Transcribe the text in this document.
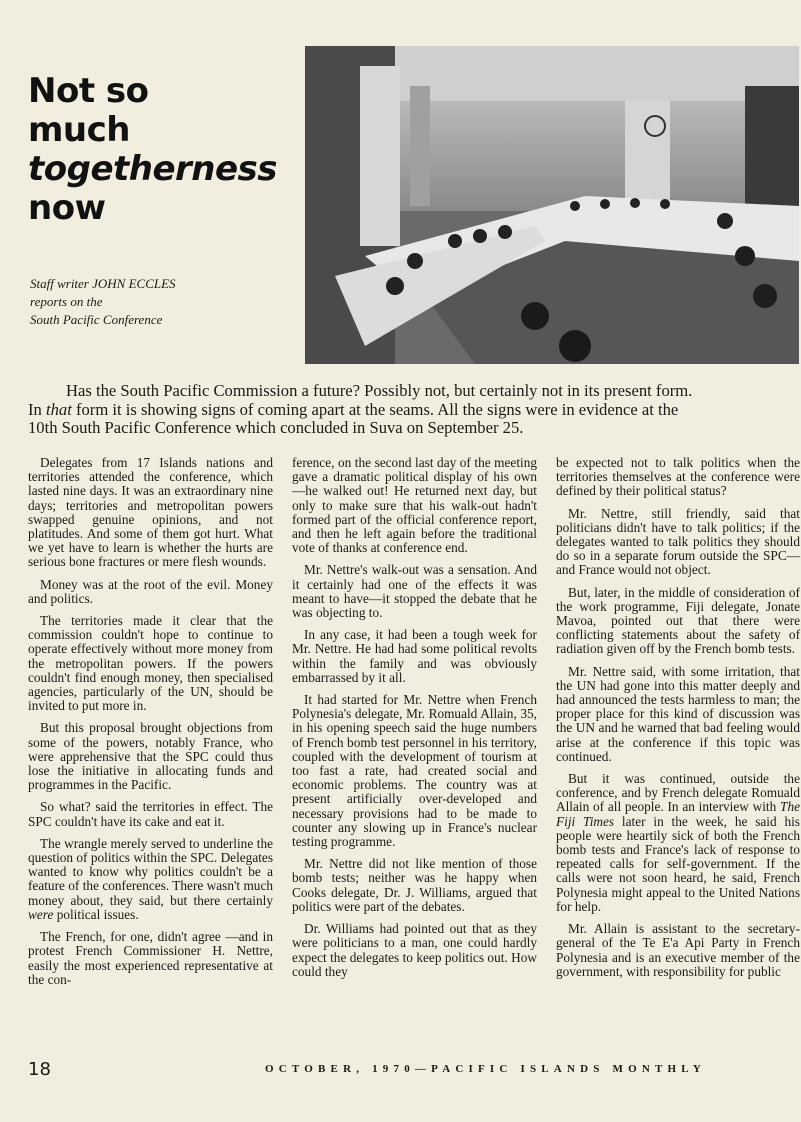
Not so
much
togetherness
now
Staff writer JOHN ECCLES
reports on the
South Pacific Conference
Has the South Pacific Commission a future? Possibly not, but certainly not in its present form.
In that form it is showing signs of coming apart at the seams. All the signs were in evidence at the
10th South Pacific Conference which concluded in Suva on September 25.

Delegates from 17 Islands nations and territories attended the conference, which lasted nine days. It was an extraordinary nine days; territories and metropolitan powers swapped genuine opinions, and not platitudes. And some of them got hurt. What we yet have to learn is whether the hurts are serious bone fractures or mere flesh wounds.

Money was at the root of the evil. Money and politics.

The territories made it clear that the commission couldn't hope to continue to operate effectively without more money from the metropolitan powers. If the powers couldn't find enough money, then specialised agencies, particularly of the UN, should be invited to put more in.

But this proposal brought objections from some of the powers, notably France, who were apprehensive that the SPC could thus lose the initiative in allocating funds and programmes in the Pacific.

So what? said the territories in effect. The SPC couldn't have its cake and eat it.

The wrangle merely served to underline the question of politics within the SPC. Delegates wanted to know why politics couldn't be a feature of the conferences. There wasn't much money about, they said, but there certainly were political issues.

The French, for one, didn't agree —and in protest French Commissioner H. Nettre, easily the most experienced representative at the con-

ference, on the second last day of the meeting gave a dramatic political display of his own—he walked out! He returned next day, but only to make sure that his walk-out hadn't formed part of the official conference report, and then he left again before the traditional vote of thanks at conference end.

Mr. Nettre's walk-out was a sensation. And it certainly had one of the effects it was meant to have—it stopped the debate that he was objecting to.

In any case, it had been a tough week for Mr. Nettre. He had had some political revolts within the family and was obviously embarrassed by it all.

It had started for Mr. Nettre when French Polynesia's delegate, Mr. Romuald Allain, 35, in his opening speech said the huge numbers of French bomb test personnel in his territory, coupled with the development of tourism at too fast a rate, had created social and economic problems. The country was at present artificially over-developed and necessary provisions had to be made to counter any slowing up in France's nuclear testing programme.

Mr. Nettre did not like mention of those bomb tests; neither was he happy when Cooks delegate, Dr. J. Williams, argued that politics were part of the debates.

Dr. Williams had pointed out that as they were politicians to a man, one could hardly expect the delegates to keep politics out. How could they

be expected not to talk politics when the territories themselves at the conference were defined by their political status?

Mr. Nettre, still friendly, said that politicians didn't have to talk politics; if the delegates wanted to talk politics they should do so in a separate forum outside the SPC—and France would not object.

But, later, in the middle of consideration of the work programme, Fiji delegate, Jonate Mavoa, pointed out that there were conflicting statements about the safety of radiation given off by the French bomb tests.

Mr. Nettre said, with some irritation, that the UN had gone into this matter deeply and had announced the tests harmless to man; the proper place for this kind of discussion was the UN and he warned that bad feeling would arise at the conference if this topic was continued.

But it was continued, outside the conference, and by French delegate Romuald Allain of all people. In an interview with The Fiji Times later in the week, he said his people were heartily sick of both the French bomb tests and France's lack of response to repeated calls for self-government. If the calls were not soon heard, he said, French Polynesia might appeal to the United Nations for help.

Mr. Allain is assistant to the secretary-general of the Te E'a Api Party in French Polynesia and is an executive member of the government, with responsibility for public

18	OCTOBER, 1970—PACIFIC ISLANDS MONTHLY
